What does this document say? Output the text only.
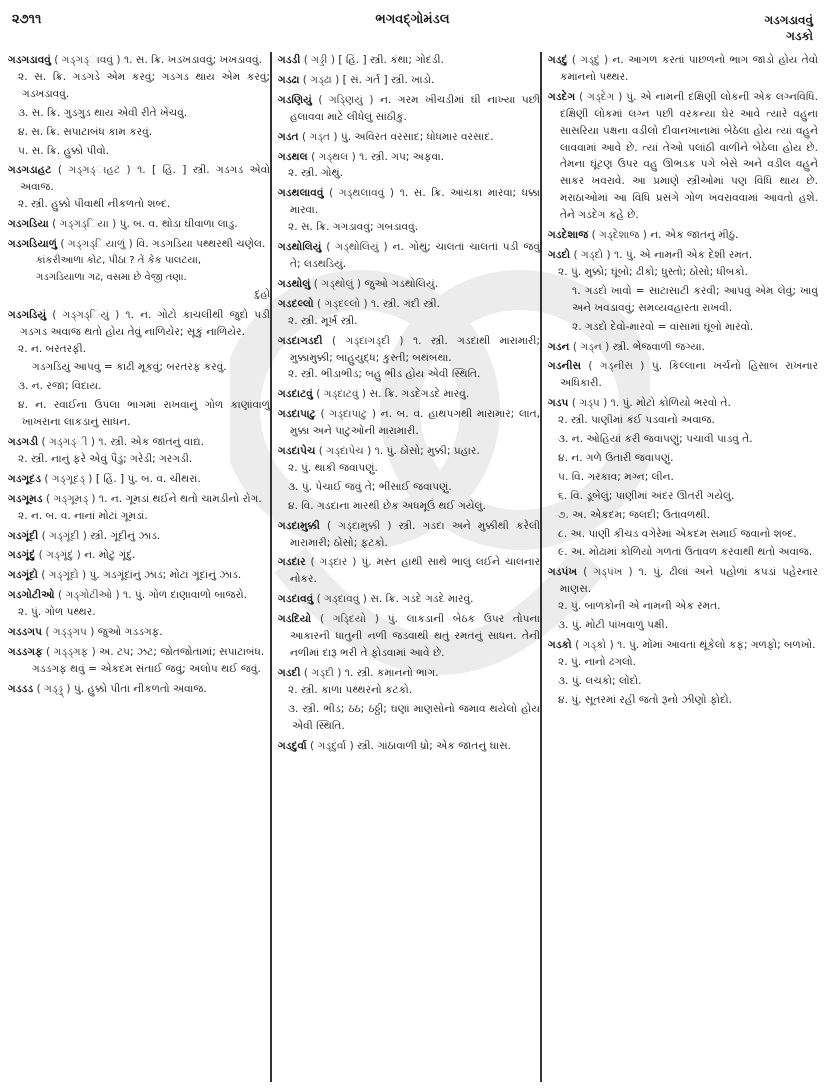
૨૭૧૧	ભગવદ્ગોમંડલ	ગડગડાવવું
ગડકો
ગડગડાવવું ( ગડ્ગડ્ાવવું ) ૧. સ. ક્રિ. ખડખડાવવું; ખખડાવવું.
૨. સ. ક્રિ. ગડગડે એમ કરવું; ગડગડ થાય એમ કરવું; ગડખડાવવું.
૩. સ. ક્રિ. ગુડગુડ થાય એવી રીતે ખેંચવું.
૪. સ. ક્રિ. સપાટાબંધ કામ કરવું.
૫. સ. ક્રિ. હુક્કો પીવો.
ગડગડાહટ ( ગડ્ગડ્ાહટ ) ૧. [ હિં. ] સ્ત્રી. ગડગડ એવો અવાજ.
૨. સ્ત્રી. હુક્કો પીવાથી નીકળતો શબ્દ.
ગડગડિયા ( ગડ્ગડ્િયા ) પું. બ. વ. થોડા ઘીવાળા લાડુ.
ગડગડિયાળું ( ગડ્ગડ્િયાળું ) વિ. ગડગડિયા પથ્થરથી ચણેલ.
કાંકરીઆળા કોટ, પીઠા ? તેં કેક પાલટયા,
ગડગડિયાળા ગઢ, વસમા છે વેજી તણા.
દુહો
ગડગડિયું ( ગડ્ગડ્િયું ) ૧. ન. ગોટો કાચલીથી જુદો પડી ગડગડ અવાજ થતો હોય તેવું નાળિયેર; સૂકું નાળિયેર.
૨. ન. બરતરફી.
ગડગડિયું આપવું = કાઢી મૂકવું; બરતરફ કરવું.
૩. ન. રજા; વિદાય.
૪. ન. રવાઈના ઉપલા ભાગમાં રાખવાનું ગોળ કાણાંવાળું ખાખરાના લાકડાનું સાધન.
ગડગડી ( ગડ્ગડ્ી ) ૧. સ્ત્રી. એક જાતનું વાદ્ય.
૨. સ્ત્રી. નાનું ફરે એવું પૈડું; ગરેડી; ગરગડી.
ગડગૂદડ ( ગડ્ગૂદડ્ ) [ હિં. ] પું. બ. વ. ચીથરાં.
ગડગૂમડ ( ગડ્ગૂમડ્ ) ૧. ન. ગૂમડાં થઈને થતો ચામડીનો રોગ.
૨. ન. બ. વ. નાનાં મોટાં ગૂમડાં.
ગડગૂંદી ( ગડ્ગૂંદી ) સ્ત્રી. ગૂંદીનું ઝાડ.
ગડગૂંદું ( ગડ્ગૂંદું ) ન. મોટું ગૂંદું.
ગડગૂંદો ( ગડ્ગૂંદો ) પું. ગડગૂંદાંનું ઝાડ; મોટાં ગૂંદાંનું ઝાડ.
ગડગોટીઓ ( ગડ્ગોટીઓ ) ૧. પું. ગોળ દાણાવાળો બાજરો.
૨. પું. ગોળ પથ્થર.
ગડડગપ ( ગડ્ડ્ગપ ) જુઓ ગડડગફ.
ગડડગફ ( ગડ્ડ્ગફ ) અ. ટપ; ઝટ; જોતજોતામાં; સપાટાબંધ.
ગડડગફ થવું = એકદમ સંતાઈ જવું; અલોપ થઈ જવું.
ગડડડ ( ગડ્ડ્ડ્ ) પું. હુક્કો પીતાં નીકળતો અવાજ.
ગડડી ( ગડ્ડી ) [ હિં. ] સ્ત્રી. કંથા; ગોદડી.
ગડઢા ( ગડ્ઢા ) [ સં. ગર્ત ] સ્ત્રી. ખાડો.
ગડણિયું ( ગડ્ણિયું ) ન. ગરમ ખીચડીમાં ઘી નાખ્યા પછી હલાવવા માટે લીધેલું સાંઠીકું.
ગડત ( ગડ્ત ) પું. અવિરત વરસાદ; ધોધમાર વરસાદ.
ગડથલ ( ગડ્થલ ) ૧. સ્ત્રી. ગપ; અફવા.
૨. સ્ત્રી. ગોથું.
ગડથલાવવું ( ગડ્થલાવવું ) ૧. સ. ક્રિ. આંચકા મારવા; ધક્કા મારવા.
૨. સ. ક્રિ. ગગડાવવું; ગબડાવવું.
ગડથોલિયું ( ગડ્થોલિયું ) ન. ગોથું; ચાલતાં ચાલતાં પડી જવું તે; લડથડિયું.
ગડથોલું ( ગડ્થોલું ) જુઓ ગડથોલિયું.
ગડદલ્લો ( ગડ્દલ્લો ) ૧. સ્ત્રી. ગંદી સ્ત્રી.
૨. સ્ત્રી. મૂર્ખ સ્ત્રી.
ગડદાગડદી ( ગડ્દાગડ્દી ) ૧. સ્ત્રી. ગડદાથી મારામારી; મુક્કામુક્કી; બાહુયુદ્ધ; કુસ્તી; બથંબથા.
૨. સ્ત્રી. ભીડાભીડ; બહુ ભીડ હોય એવી સ્થિતિ.
ગડદાટવું ( ગડ્દાટવું ) સ. ક્રિ. ગડદેગડદે મારવું.
ગડદાપાટુ ( ગડ્દાપાટુ ) ન. બ. વ. હાથપગથી મારામાર; લાત, મુક્કા અને પાટુઓની મારામારી.
ગડદાપેચ ( ગડ્દાપેચ ) ૧. પું. ઠોંસો; મુક્કી; પ્રહાર.
૨. પું. થાકી જવાપણું.
૩. પું. પેચાઈ જવું તે; ભીંસાઈ જવાપણું.
૪. વિ. ગડદાના મારથી છેક અધમૂઉં થઈ ગયેલું.
ગડદામુક્કી ( ગડ્દામુક્કી ) સ્ત્રી. ગડદા અને મુક્કીથી કરેલી મારામારી; ઠોંસો; ફટકો.
ગડદાર ( ગડ્દાર ) પું. મસ્ત હાથી સાથે ભાલું લઈને ચાલનાર નોકર.
ગડદાવવું ( ગડ્દાવવું ) સ. ક્રિ. ગડદે ગડદે મારવું.
ગડદિયો ( ગડ્દિયો ) પું. લાકડાની બેઠક ઉપર તોપના આકારની ધાતુની નળી જડવાથી થતું રમતનું સાધન. તેની નળીમાં દારૂ ભરી તે ફોડવામાં આવે છે.
ગડદી ( ગડ્દી ) ૧. સ્ત્રી. કમાનનો ભાગ.
૨. સ્ત્રી. કાળા પથ્થરનો કટકો.
૩. સ્ત્રી. ભીડ; ઠઠ; ઠઠ્ઠી; ઘણાં માણસોનો જમાવ થયેલો હોય એવી સ્થિતિ.
ગડદુર્વા ( ગડ્દુર્વા ) સ્ત્રી. ગાંઠાવાળી ધ્રો; એક જાતનું ઘાસ.
ગડદું ( ગડ્દું ) ન. આગળ કરતાં પાછળનો ભાગ જાડો હોય તેવો કમાનનો પથ્થર.
ગડદેગ ( ગડ્દેગ ) પું. એ નામની દક્ષિણી લોકની એક લગ્નવિધિ. દક્ષિણી લોકમાં લગ્ન પછી વરકન્યા ઘેર આવે ત્યારે વહુના સાસરિયા પક્ષના વડીલો દીવાનખાનામાં બેઠેલા હોય ત્યાં વહુને લાવવામાં આવે છે. ત્યાં તેઓ પલાંઠી વાળીને બેઠેલા હોય છે. તેમના ઘૂંટણ ઉપર વહુ ઊભડક પગે બેસે અને વડીલ વહુને સાકર ખવરાવે. આ પ્રમાણે સ્ત્રીઓમાં પણ વિધિ થાય છે. મરાઠાઓમાં આ વિધિ પ્રસંગે ગોળ ખવરાવવામાં આવતો હશે. તેને ગડદેગ કહે છે.
ગડદેશાજ ( ગડ્દેશાજ ) ન. એક જાતનું મીઠું.
ગડદો ( ગડ્દો ) ૧. પું. એ નામની એક દેશી રમત.
૨. પું. મુક્કો; ઘૂંબો; ઢીકો; ધુસ્તો; ઠોંસો; ધીબકો.
૧. ગડદો ખાવો = સાટાસાટી કરવી; આપવું એમ લેવું; ખાવું અને ખવડાવવું; સમવ્યવહારતા રાખવી.
૨. ગડદો દેવો-મારવો = વાંસામાં ઘૂંબો મારવો.
ગડન ( ગડ્ન ) સ્ત્રી. ભેજવાળી જગ્યા.
ગડનીસ ( ગડ્નીસ ) પું. કિલ્લાના ખર્ચનો હિસાબ રાખનાર અધિકારી.
ગડપ ( ગડ્પ ) ૧. પું. મોટો કોળિયો ભરવો તે.
૨. સ્ત્રી. પાણીમાં કંઈ પડવાનો અવાજ.
૩. ન. ઓહિયાં કરી જવાપણું; પચાવી પાડવું તે.
૪. ન. ગળે ઉતારી જવાપણું.
૫. વિ. ગરકાવ; મગ્ન; લીન.
૬. વિ. ડૂબેલું; પાણીમાં અંદર ઊતરી ગયેલું.
૭. અ. એકદમ; જલદી; ઉતાવળથી.
૮. અ. પાણી કીચડ વગેરેમાં એકદમ સમાઈ જવાનો શબ્દ.
૯. અ. મોઢામાં કોળિયો ગળતાં ઉતાવળ કરવાથી થતો અવાજ.
ગડપંખ ( ગડ્પંખ ) ૧. પું. ઢીલાં અને પહોળાં કપડાં પહેરનાર માણસ.
૨. પું. બાળકોની એ નામની એક રમત.
૩. પું. મોટી પાંખવાળું પક્ષી.
ગડકો ( ગડ્કો ) ૧. પું. મોંમાં આવતાં થૂંકેલો કફ; ગળફો; બળખો.
૨. પું. નાનો ઢગલો.
૩. પું. લચકો; લોંદો.
૪. પું. સૂતરમાં રહી જતો રૂનો ઝીણો ફોદો.
